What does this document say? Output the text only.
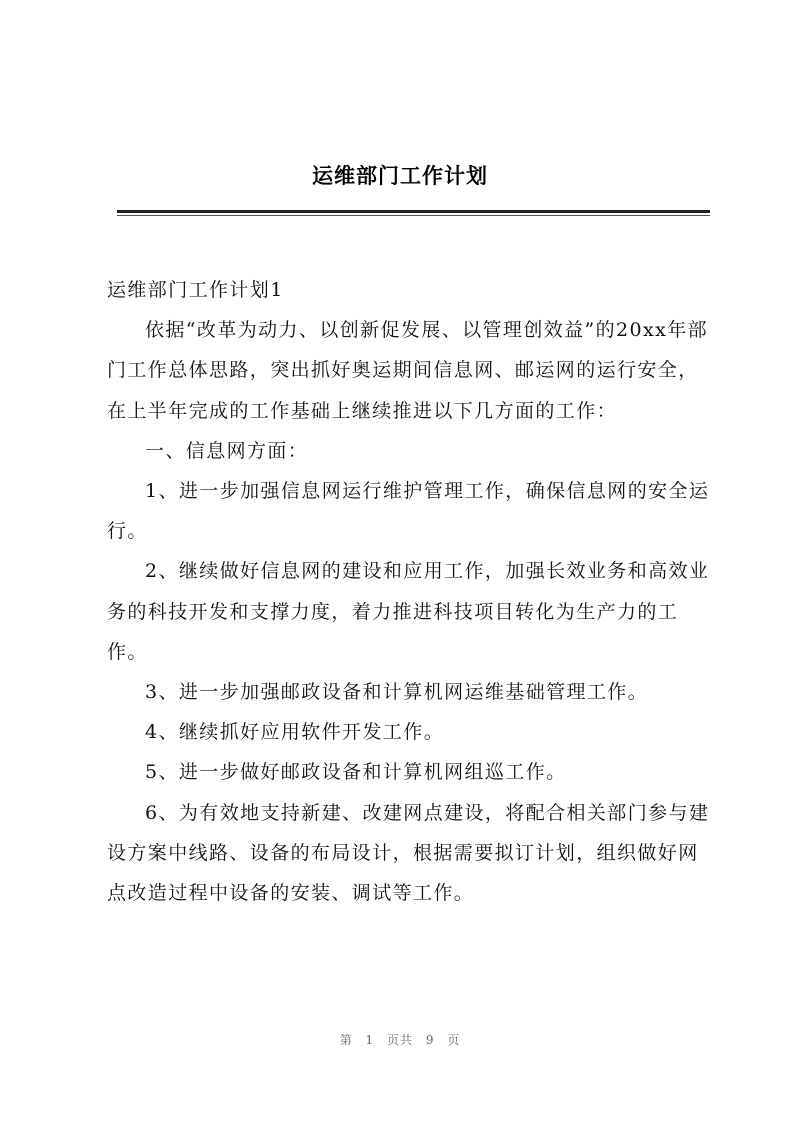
运维部门工作计划

运维部门工作计划1

依据“改革为动力、以创新促发展、以管理创效益”的20xx年部门工作总体思路，突出抓好奥运期间信息网、邮运网的运行安全，在上半年完成的工作基础上继续推进以下几方面的工作：

一、信息网方面：

1、进一步加强信息网运行维护管理工作，确保信息网的安全运行。

2、继续做好信息网的建设和应用工作，加强长效业务和高效业务的科技开发和支撑力度，着力推进科技项目转化为生产力的工作。

3、进一步加强邮政设备和计算机网运维基础管理工作。

4、继续抓好应用软件开发工作。

5、进一步做好邮政设备和计算机网组巡工作。

6、为有效地支持新建、改建网点建设，将配合相关部门参与建设方案中线路、设备的布局设计，根据需要拟订计划，组织做好网点改造过程中设备的安装、调试等工作。

第 1 页共 9 页
